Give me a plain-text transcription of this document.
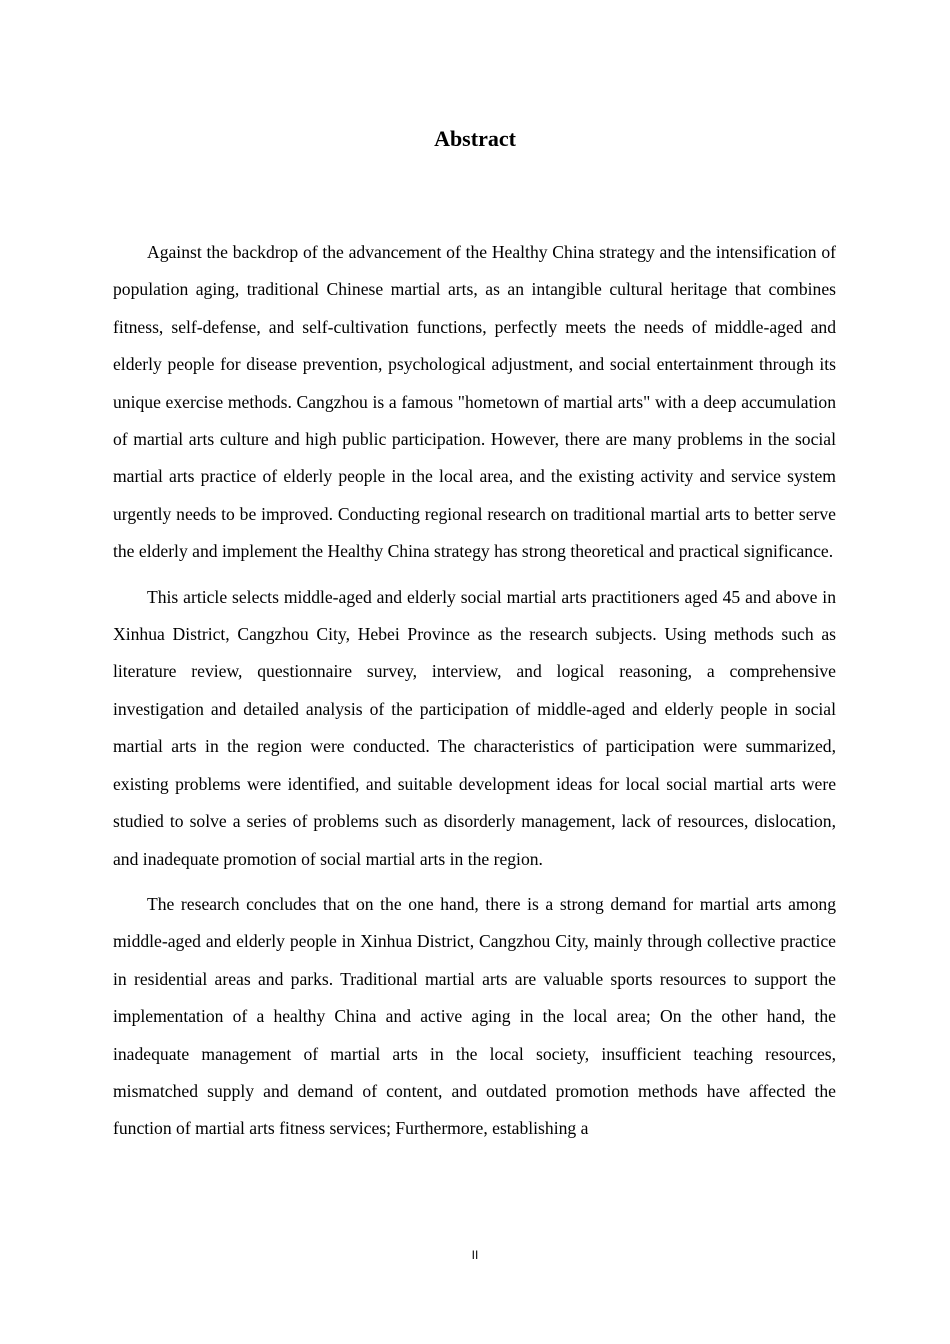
Abstract

Against the backdrop of the advancement of the Healthy China strategy and the intensification of population aging, traditional Chinese martial arts, as an intangible cultural heritage that combines fitness, self-defense, and self-cultivation functions, perfectly meets the needs of middle-aged and elderly people for disease prevention, psychological adjustment, and social entertainment through its unique exercise methods. Cangzhou is a famous "hometown of martial arts" with a deep accumulation of martial arts culture and high public participation. However, there are many problems in the social martial arts practice of elderly people in the local area, and the existing activity and service system urgently needs to be improved. Conducting regional research on traditional martial arts to better serve the elderly and implement the Healthy China strategy has strong theoretical and practical significance.

This article selects middle-aged and elderly social martial arts practitioners aged 45 and above in Xinhua District, Cangzhou City, Hebei Province as the research subjects. Using methods such as literature review, questionnaire survey, interview, and logical reasoning, a comprehensive investigation and detailed analysis of the participation of middle-aged and elderly people in social martial arts in the region were conducted. The characteristics of participation were summarized, existing problems were identified, and suitable development ideas for local social martial arts were studied to solve a series of problems such as disorderly management, lack of resources, dislocation, and inadequate promotion of social martial arts in the region.

The research concludes that on the one hand, there is a strong demand for martial arts among middle-aged and elderly people in Xinhua District, Cangzhou City, mainly through collective practice in residential areas and parks. Traditional martial arts are valuable sports resources to support the implementation of a healthy China and active aging in the local area; On the other hand, the inadequate management of martial arts in the local society, insufficient teaching resources, mismatched supply and demand of content, and outdated promotion methods have affected the function of martial arts fitness services; Furthermore, establishing a

II
